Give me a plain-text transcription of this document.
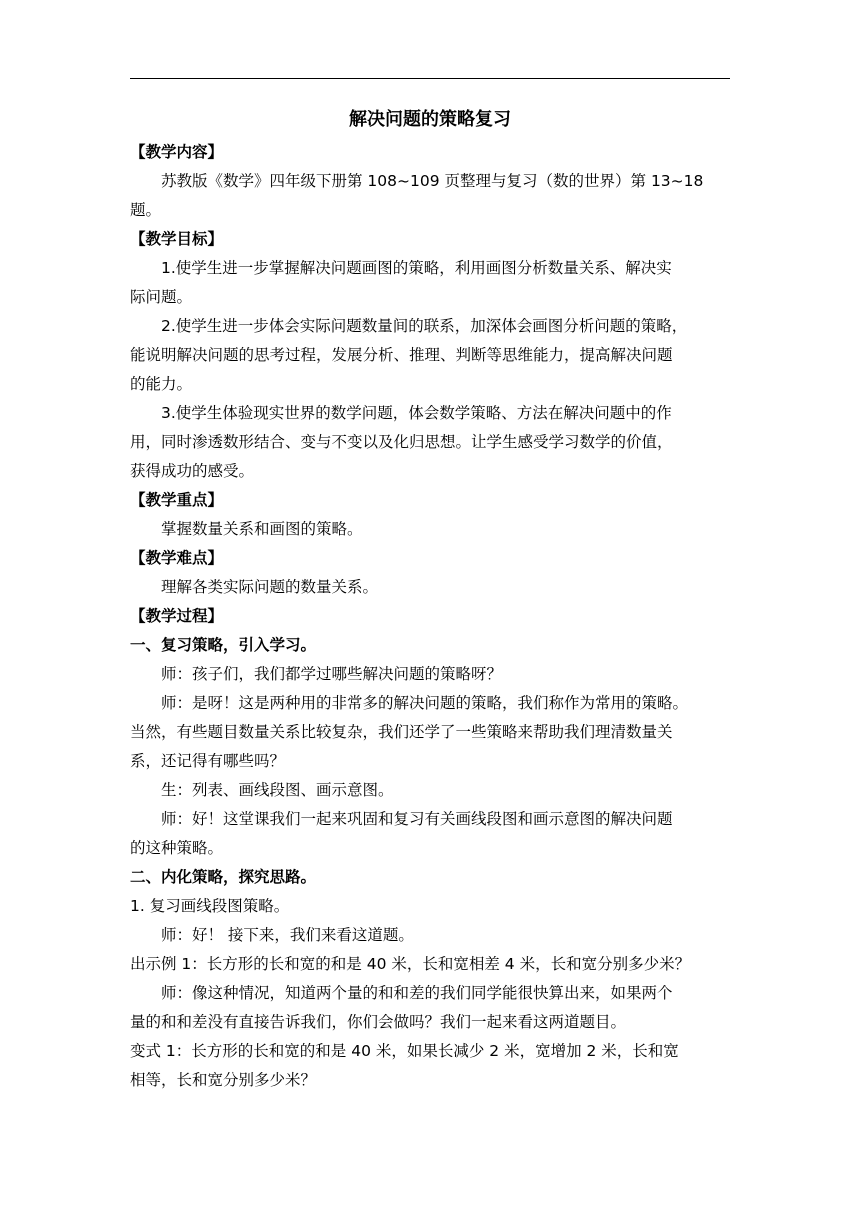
解决问题的策略复习
【教学内容】
苏教版《数学》四年级下册第 108~109 页整理与复习（数的世界）第 13~18
题。
【教学目标】
1.使学生进一步掌握解决问题画图的策略，利用画图分析数量关系、解决实
际问题。
2.使学生进一步体会实际问题数量间的联系，加深体会画图分析问题的策略，
能说明解决问题的思考过程，发展分析、推理、判断等思维能力，提高解决问题
的能力。
3.使学生体验现实世界的数学问题，体会数学策略、方法在解决问题中的作
用，同时渗透数形结合、变与不变以及化归思想。让学生感受学习数学的价值，
获得成功的感受。
【教学重点】
掌握数量关系和画图的策略。
【教学难点】
理解各类实际问题的数量关系。
【教学过程】
一、复习策略，引入学习。
师：孩子们，我们都学过哪些解决问题的策略呀？
师：是呀！这是两种用的非常多的解决问题的策略，我们称作为常用的策略。
当然，有些题目数量关系比较复杂，我们还学了一些策略来帮助我们理清数量关
系，还记得有哪些吗？
生：列表、画线段图、画示意图。
师：好！这堂课我们一起来巩固和复习有关画线段图和画示意图的解决问题
的这种策略。
二、内化策略，探究思路。
1. 复习画线段图策略。
师：好！ 接下来，我们来看这道题。
出示例 1：长方形的长和宽的和是 40 米，长和宽相差 4 米，长和宽分别多少米？
师：像这种情况，知道两个量的和和差的我们同学能很快算出来，如果两个
量的和和差没有直接告诉我们，你们会做吗？我们一起来看这两道题目。
变式 1：长方形的长和宽的和是 40 米，如果长减少 2 米，宽增加 2 米，长和宽
相等，长和宽分别多少米？
